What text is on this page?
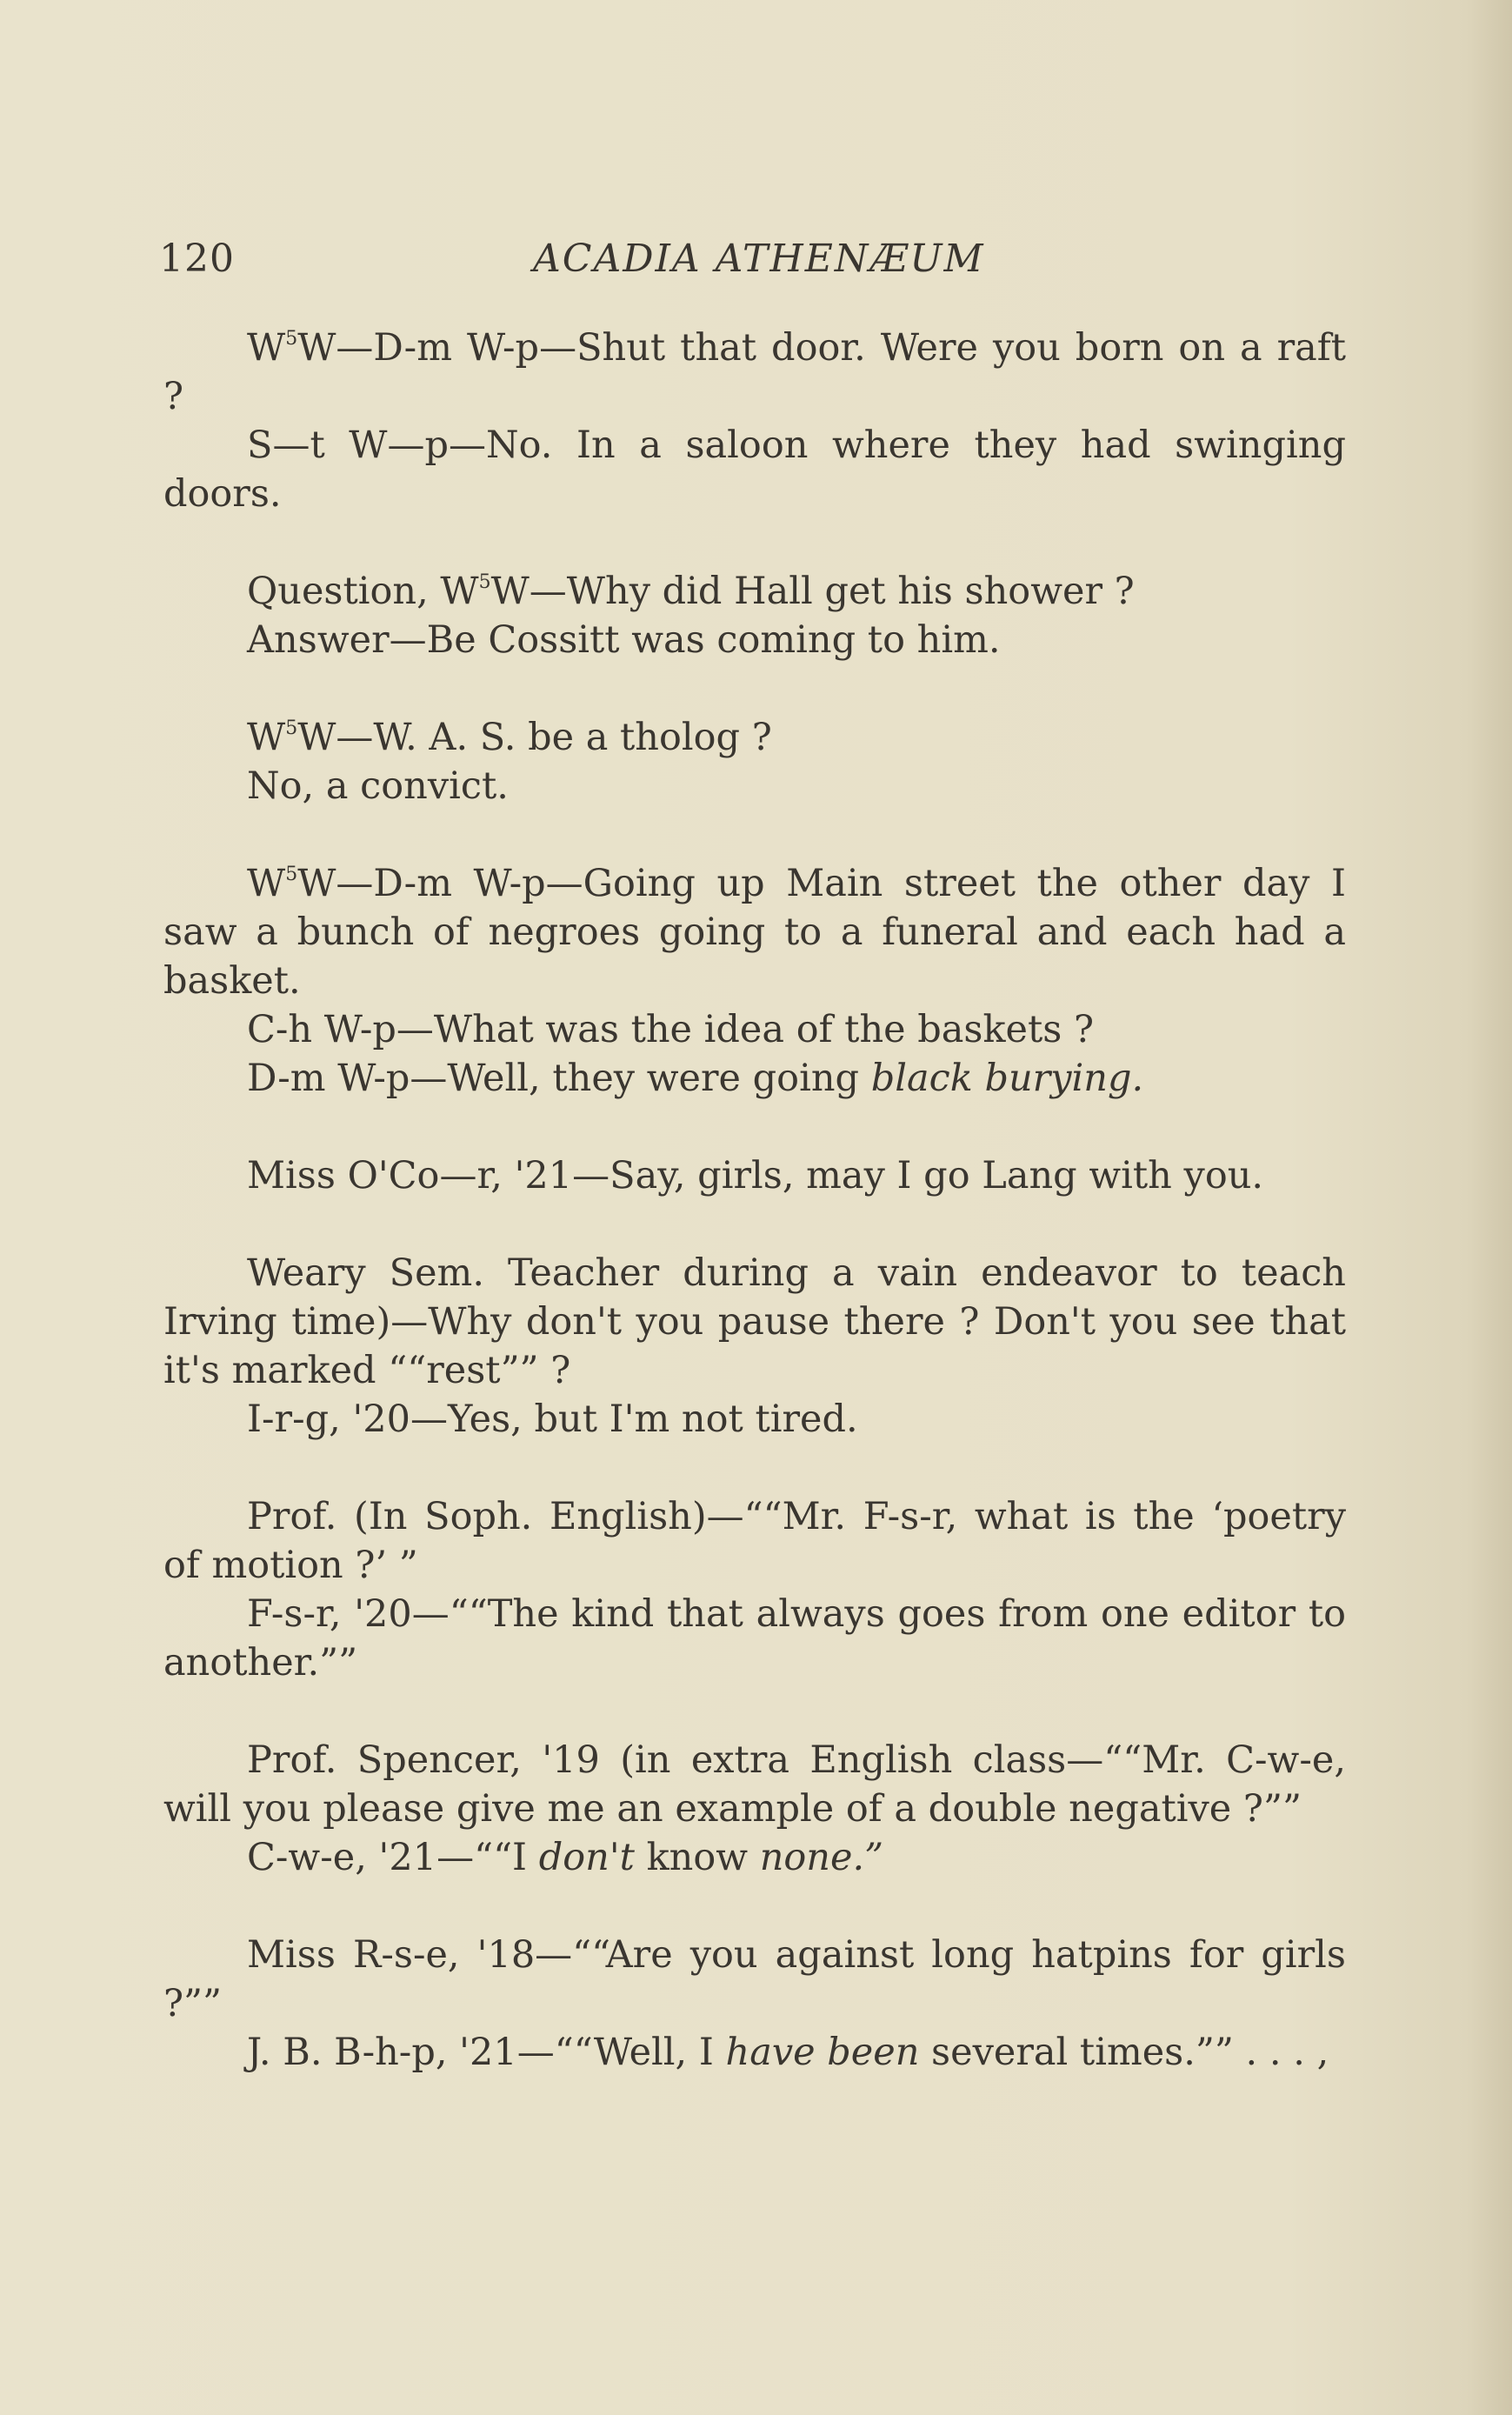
120	ACADIA ATHENÆUM

$W^5W—D-m$ W-p—Shut that door. Were you born on a raft ?

S—t W—p—No. In a saloon where they had swinging doors.

Question, $W^5W—Why$ did Hall get his shower ?

Answer—Be Cossitt was coming to him.

$W^5W—W$. A. S. be a tholog ?

No, a convict.

$W^5W—D-m$ W-p—Going up Main street the other day I saw a bunch of negroes going to a funeral and each had a basket.

C-h W-p—What was the idea of the baskets ?

D-m W-p—Well, they were going black burying.

Miss O'Co—r, '21—Say, girls, may I go Lang with you.

Weary Sem. Teacher during a vain endeavor to teach Irving time)—Why don't you pause there ? Don't you see that it's marked ““rest”” ?

I-r-g, '20—Yes, but I'm not tired.

Prof. (In Soph. English)—““Mr. F-s-r, what is the ‘poetry of motion ?’ ”

F-s-r, '20—““The kind that always goes from one editor to another.””

Prof. Spencer, '19 (in extra English class—““Mr. C-w-e, will you please give me an example of a double negative ?””

C-w-e, '21—““I don't know none.”

Miss R-s-e, '18—““Are you against long hatpins for girls ?””

J. B. B-h-p, '21—““Well, I have been several times.”” . . . ,
